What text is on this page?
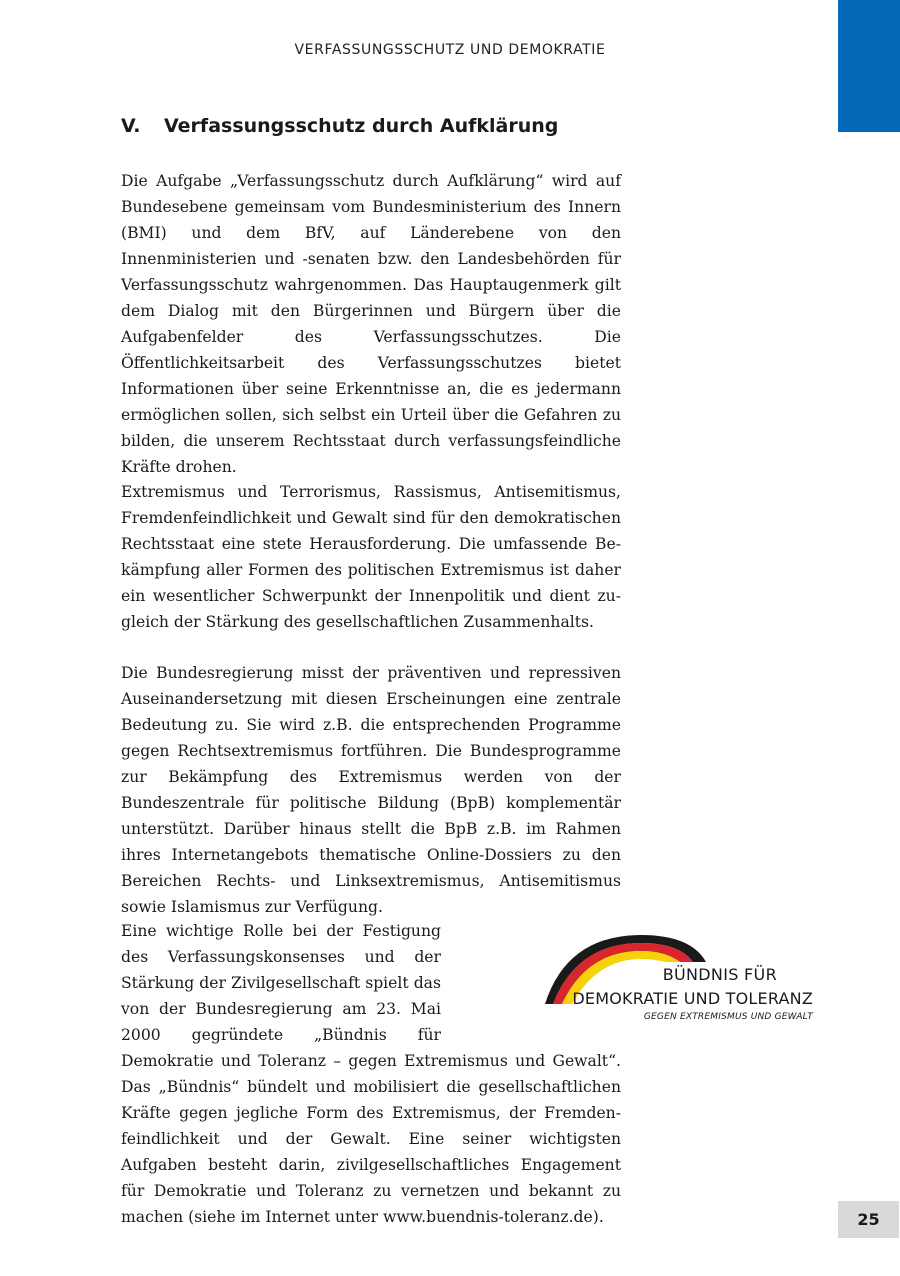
VERFASSUNGSSCHUTZ UND DEMOKRATIE
V. Verfassungsschutz durch Aufklärung

Die Aufgabe „Verfassungsschutz durch Aufklärung“ wird auf Bundesebene gemeinsam vom Bundesministerium des Innern (BMI) und dem BfV, auf Länderebene von den Innenministerien und -senaten bzw. den Landesbehörden für Verfassungsschutz wahrgenommen. Das Hauptaugenmerk gilt dem Dialog mit den Bürgerinnen und Bürgern über die Aufgabenfelder des Verfassungsschutzes. Die Öffentlichkeitsarbeit des Verfassungsschutzes bietet Informationen über seine Erkenntnisse an, die es jedermann ermöglichen sollen, sich selbst ein Urteil über die Gefahren zu bilden, die unserem Rechtsstaat durch verfassungsfeindliche Kräfte drohen.

Extremismus und Terrorismus, Rassismus, Antisemitismus, Fremdenfeindlichkeit und Gewalt sind für den demokratischen Rechtsstaat eine stete Herausforderung. Die umfassende Bekämpfung aller Formen des politischen Extremismus ist daher ein wesentlicher Schwerpunkt der Innenpolitik und dient zugleich der Stärkung des gesellschaftlichen Zusammenhalts.

Die Bundesregierung misst der präventiven und repressiven Auseinandersetzung mit diesen Erscheinungen eine zentrale Bedeutung zu. Sie wird z.B. die entsprechenden Programme gegen Rechtsextremismus fortführen. Die Bundesprogramme zur Bekämpfung des Extremismus werden von der Bundeszentrale für politische Bildung (BpB) komplementär unterstützt. Darüber hinaus stellt die BpB z.B. im Rahmen ihres Internetangebots thematische Online-Dossiers zu den Bereichen Rechts- und Linksextremismus, Antisemitismus sowie Islamismus zur Verfügung.

Eine wichtige Rolle bei der Festigung des Verfassungskonsenses und der Stärkung der Zivilgesellschaft spielt das von der Bundesregierung am 23. Mai 2000 gegründete „Bündnis für Demokratie und Toleranz – gegen Extremismus und Gewalt“. Das „Bündnis“ bündelt und mobilisiert die gesellschaftlichen Kräfte gegen jegliche Form des Extremismus, der Fremdenfeindlichkeit und der Gewalt. Eine seiner wichtigsten Aufgaben besteht darin, zivilgesellschaftliches Engagement für Demokratie und Toleranz zu vernetzen und bekannt zu machen (siehe im Internet unter www.buendnis-toleranz.de).
BÜNDNIS FÜR
DEMOKRATIE UND TOLERANZ
GEGEN EXTREMISMUS UND GEWALT
25
